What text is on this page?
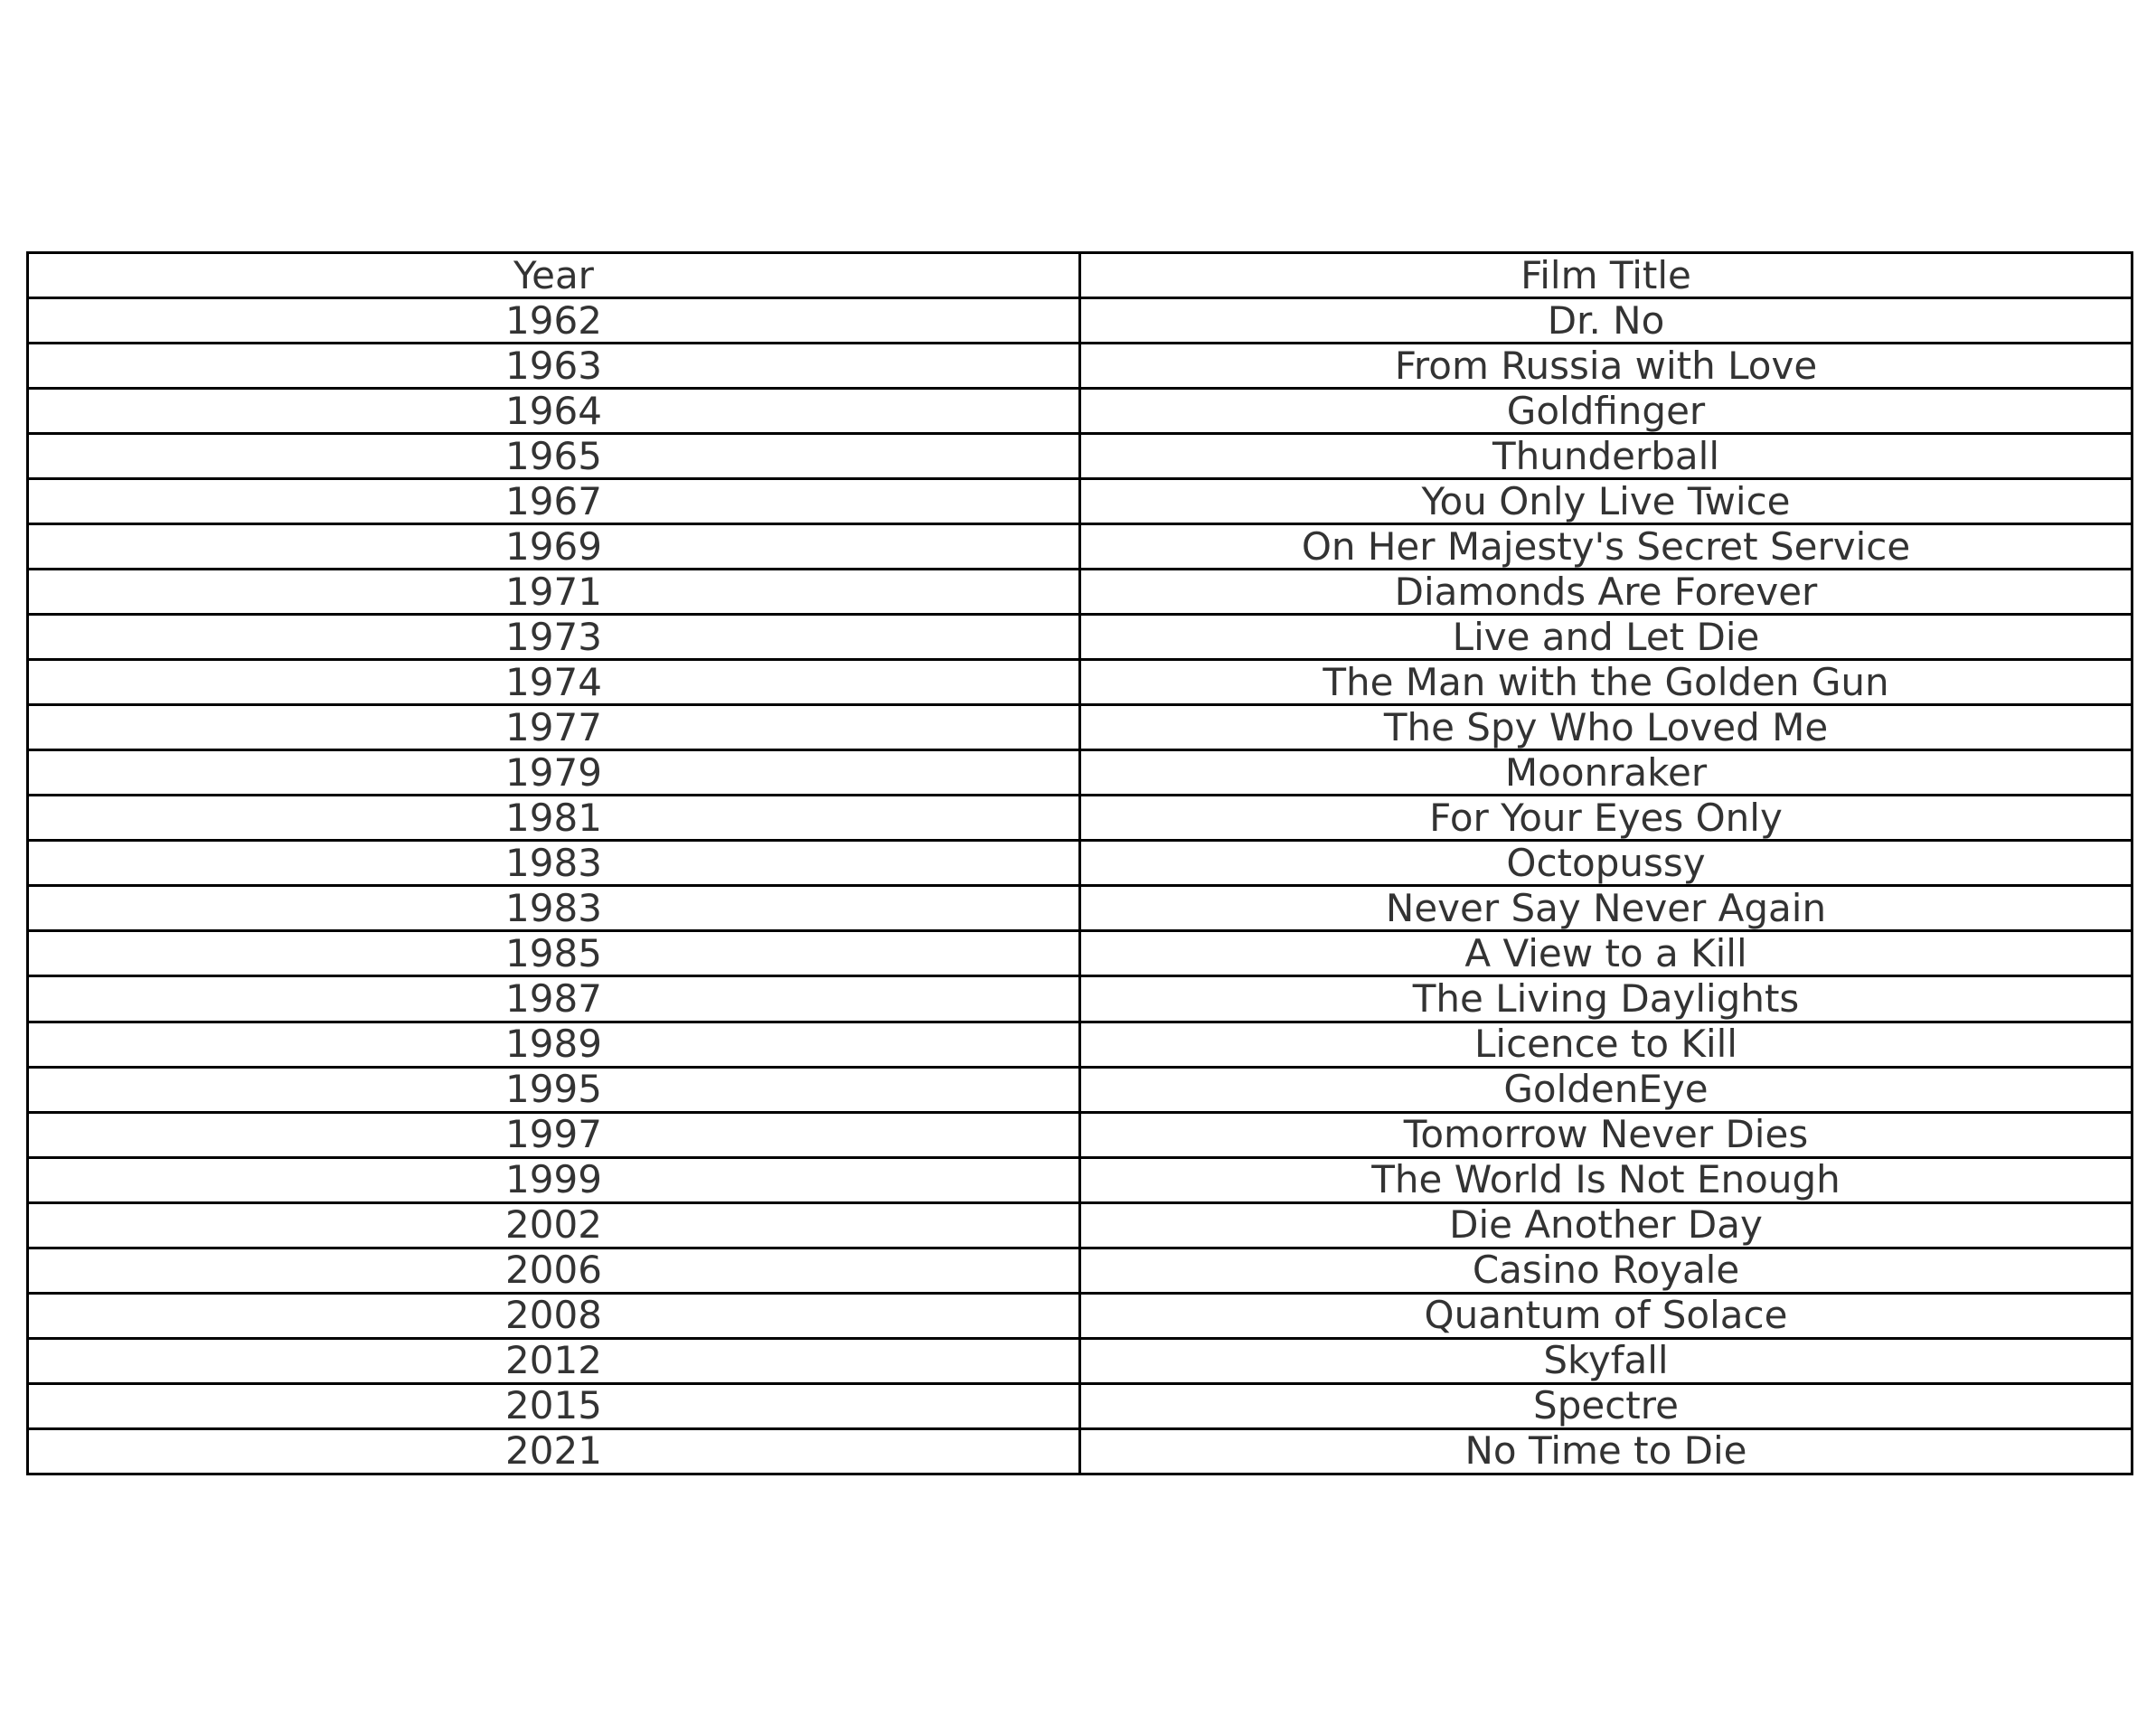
Year	Film Title
1962	Dr. No
1963	From Russia with Love
1964	Goldfinger
1965	Thunderball
1967	You Only Live Twice
1969	On Her Majesty's Secret Service
1971	Diamonds Are Forever
1973	Live and Let Die
1974	The Man with the Golden Gun
1977	The Spy Who Loved Me
1979	Moonraker
1981	For Your Eyes Only
1983	Octopussy
1983	Never Say Never Again
1985	A View to a Kill
1987	The Living Daylights
1989	Licence to Kill
1995	GoldenEye
1997	Tomorrow Never Dies
1999	The World Is Not Enough
2002	Die Another Day
2006	Casino Royale
2008	Quantum of Solace
2012	Skyfall
2015	Spectre
2021	No Time to Die
